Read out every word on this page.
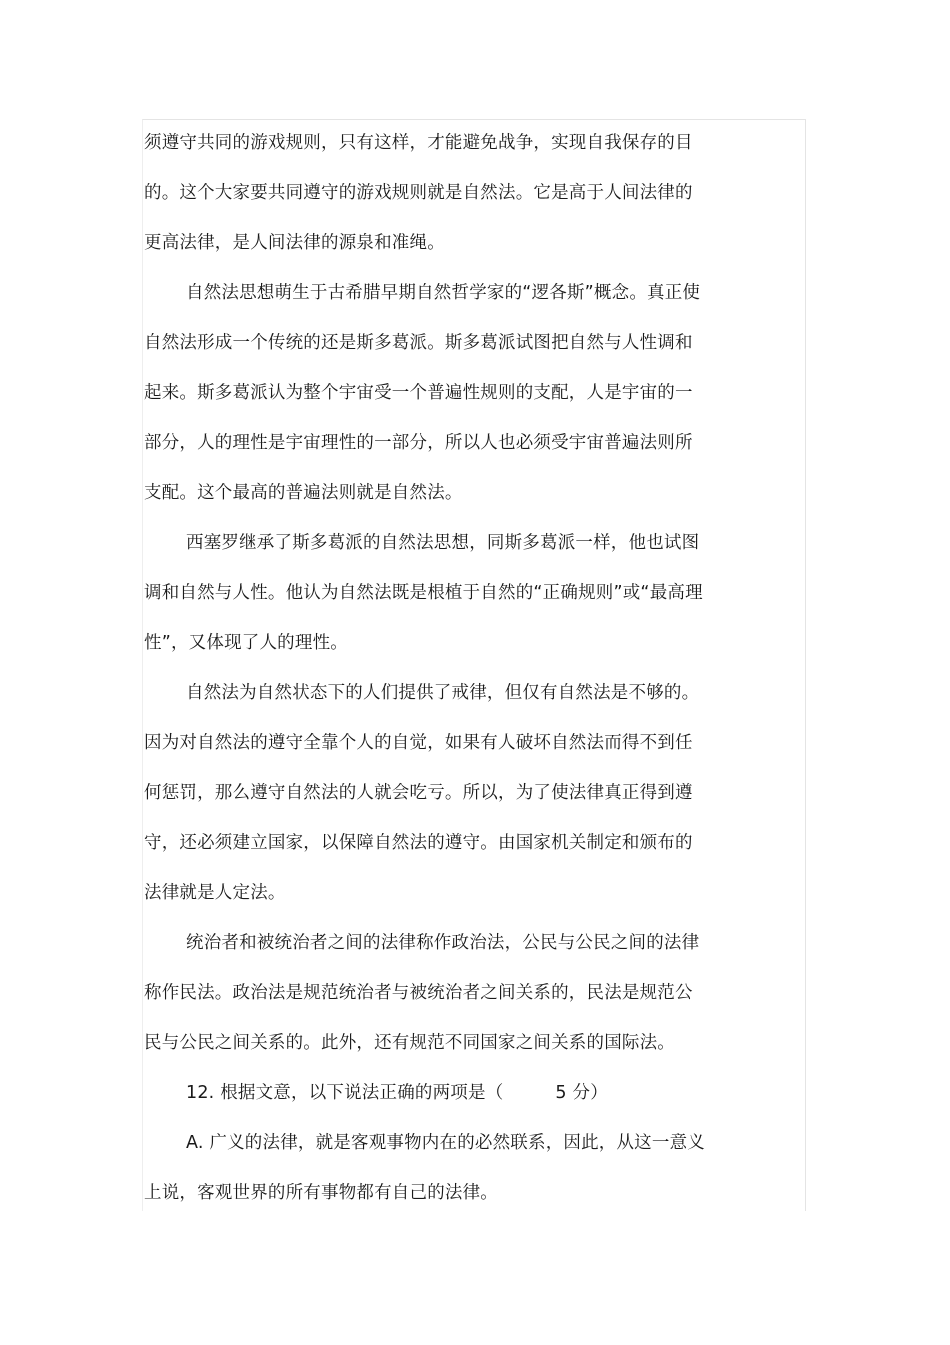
须遵守共同的游戏规则，只有这样，才能避免战争，实现自我保存的目
的。这个大家要共同遵守的游戏规则就是自然法。它是高于人间法律的
更高法律，是人间法律的源泉和准绳。
自然法思想萌生于古希腊早期自然哲学家的“逻各斯”概念。真正使
自然法形成一个传统的还是斯多葛派。斯多葛派试图把自然与人性调和
起来。斯多葛派认为整个宇宙受一个普遍性规则的支配，人是宇宙的一
部分，人的理性是宇宙理性的一部分，所以人也必须受宇宙普遍法则所
支配。这个最高的普遍法则就是自然法。
西塞罗继承了斯多葛派的自然法思想，同斯多葛派一样，他也试图
调和自然与人性。他认为自然法既是根植于自然的“正确规则”或“最高理
性”，又体现了人的理性。
自然法为自然状态下的人们提供了戒律，但仅有自然法是不够的。
因为对自然法的遵守全靠个人的自觉，如果有人破坏自然法而得不到任
何惩罚，那么遵守自然法的人就会吃亏。所以，为了使法律真正得到遵
守，还必须建立国家，以保障自然法的遵守。由国家机关制定和颁布的
法律就是人定法。
统治者和被统治者之间的法律称作政治法，公民与公民之间的法律
称作民法。政治法是规范统治者与被统治者之间关系的，民法是规范公
民与公民之间关系的。此外，还有规范不同国家之间关系的国际法。
12. 根据文意，以下说法正确的两项是（	5 分）
A. 广义的法律，就是客观事物内在的必然联系，因此，从这一意义
上说，客观世界的所有事物都有自己的法律。
